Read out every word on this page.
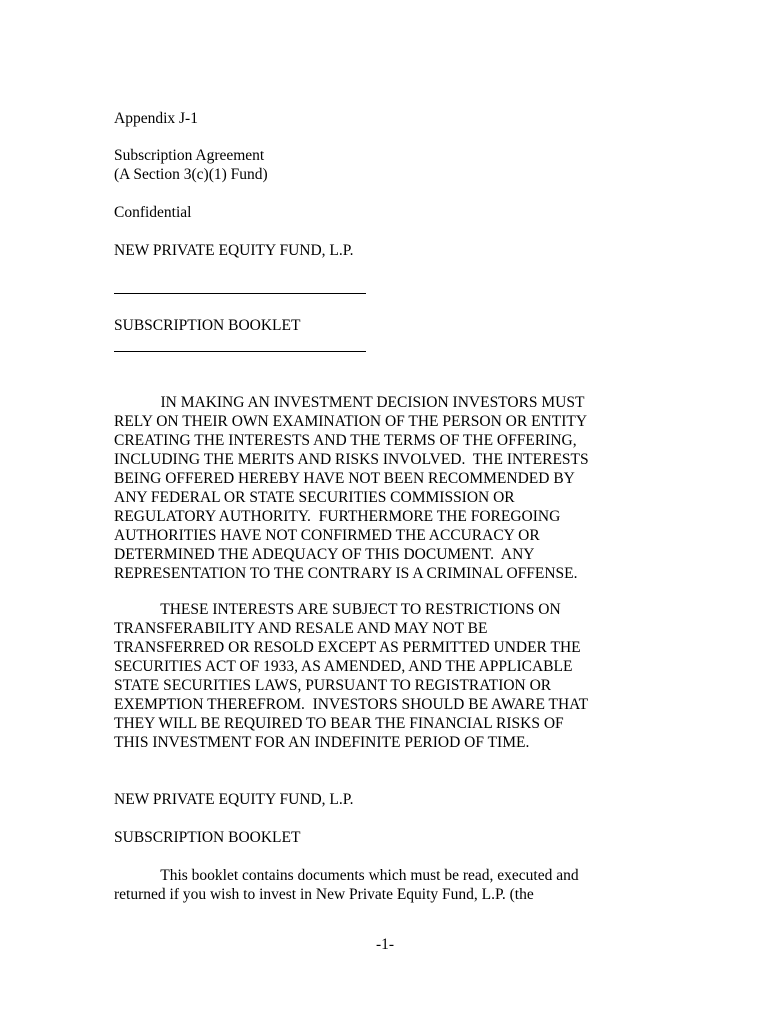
Appendix J-1

Subscription Agreement

(A Section 3(c)(1) Fund)

Confidential

NEW PRIVATE EQUITY FUND, L.P.

SUBSCRIPTION BOOKLET

IN MAKING AN INVESTMENT DECISION INVESTORS MUST
RELY ON THEIR OWN EXAMINATION OF THE PERSON OR ENTITY
CREATING THE INTERESTS AND THE TERMS OF THE OFFERING,
INCLUDING THE MERITS AND RISKS INVOLVED.  THE INTERESTS
BEING OFFERED HEREBY HAVE NOT BEEN RECOMMENDED BY
ANY FEDERAL OR STATE SECURITIES COMMISSION OR
REGULATORY AUTHORITY.  FURTHERMORE THE FOREGOING
AUTHORITIES HAVE NOT CONFIRMED THE ACCURACY OR
DETERMINED THE ADEQUACY OF THIS DOCUMENT.  ANY
REPRESENTATION TO THE CONTRARY IS A CRIMINAL OFFENSE.
THESE INTERESTS ARE SUBJECT TO RESTRICTIONS ON
TRANSFERABILITY AND RESALE AND MAY NOT BE
TRANSFERRED OR RESOLD EXCEPT AS PERMITTED UNDER THE
SECURITIES ACT OF 1933, AS AMENDED, AND THE APPLICABLE
STATE SECURITIES LAWS, PURSUANT TO REGISTRATION OR
EXEMPTION THEREFROM.  INVESTORS SHOULD BE AWARE THAT
THEY WILL BE REQUIRED TO BEAR THE FINANCIAL RISKS OF
THIS INVESTMENT FOR AN INDEFINITE PERIOD OF TIME.

NEW PRIVATE EQUITY FUND, L.P.

SUBSCRIPTION BOOKLET

This booklet contains documents which must be read, executed and
returned if you wish to invest in New Private Equity Fund, L.P. (the
-1-
